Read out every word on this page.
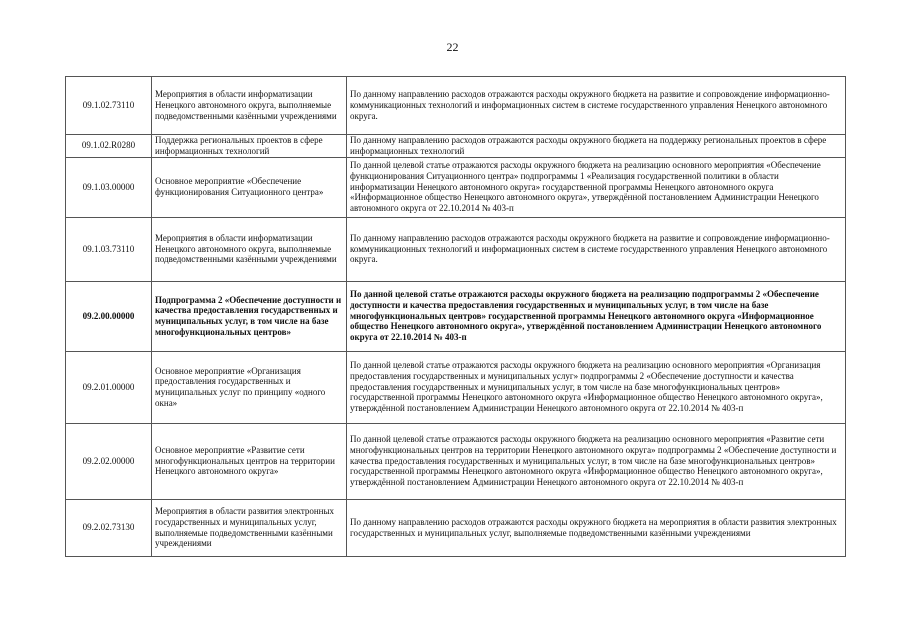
22
09.1.02.73110	Мероприятия в области информатизации Ненецкого автономного округа, выполняемые подведомственными казёнными учреждениями	По данному направлению расходов отражаются расходы окружного бюджета на развитие и сопровождение информационно-коммуникационных технологий и информационных систем в системе государственного управления Ненецкого автономного округа.
09.1.02.R0280	Поддержка региональных проектов в сфере информационных технологий	По данному направлению расходов отражаются расходы окружного бюджета на поддержку региональных проектов в сфере информационных технологий
09.1.03.00000	Основное мероприятие «Обеспечение функционирования Ситуационного центра»	По данной целевой статье отражаются расходы окружного бюджета на реализацию основного мероприятия «Обеспечение функционирования Ситуационного центра» подпрограммы 1 «Реализация государственной политики в области информатизации Ненецкого автономного округа» государственной программы Ненецкого автономного округа «Информационное общество Ненецкого автономного округа», утверждённой постановлением Администрации Ненецкого автономного округа от 22.10.2014 № 403-п
09.1.03.73110	Мероприятия в области информатизации Ненецкого автономного округа, выполняемые подведомственными казёнными учреждениями	По данному направлению расходов отражаются расходы окружного бюджета на развитие и сопровождение информационно-коммуникационных технологий и информационных систем в системе государственного управления Ненецкого автономного округа.
09.2.00.00000	Подпрограмма 2 «Обеспечение доступности и качества предоставления государственных и муниципальных услуг, в том числе на базе многофункциональных центров»	По данной целевой статье отражаются расходы окружного бюджета на реализацию подпрограммы 2 «Обеспечение доступности и качества предоставления государственных и муниципальных услуг, в том числе на базе многофункциональных центров» государственной программы Ненецкого автономного округа «Информационное общество Ненецкого автономного округа», утверждённой постановлением Администрации Ненецкого автономного округа от 22.10.2014 № 403-п
09.2.01.00000	Основное мероприятие «Организация предоставления государственных и муниципальных услуг по принципу «одного окна»	По данной целевой статье отражаются расходы окружного бюджета на реализацию основного мероприятия «Организация предоставления государственных и муниципальных услуг» подпрограммы 2 «Обеспечение доступности и качества предоставления государственных и муниципальных услуг, в том числе на базе многофункциональных центров» государственной программы Ненецкого автономного округа «Информационное общество Ненецкого автономного округа», утверждённой постановлением Администрации Ненецкого автономного округа от 22.10.2014 № 403-п
09.2.02.00000	Основное мероприятие «Развитие сети многофункциональных центров на территории Ненецкого автономного округа»	По данной целевой статье отражаются расходы окружного бюджета на реализацию основного мероприятия «Развитие сети многофункциональных центров на территории Ненецкого автономного округа» подпрограммы 2 «Обеспечение доступности и качества предоставления государственных и муниципальных услуг, в том числе на базе многофункциональных центров» государственной программы Ненецкого автономного округа «Информационное общество Ненецкого автономного округа», утверждённой постановлением Администрации Ненецкого автономного округа от 22.10.2014 № 403-п
09.2.02.73130	Мероприятия в области развития электронных государственных и муниципальных услуг, выполняемые подведомственными казёнными учреждениями	По данному направлению расходов отражаются расходы окружного бюджета на мероприятия в области развития электронных государственных и муниципальных услуг, выполняемые подведомственными казёнными учреждениями
